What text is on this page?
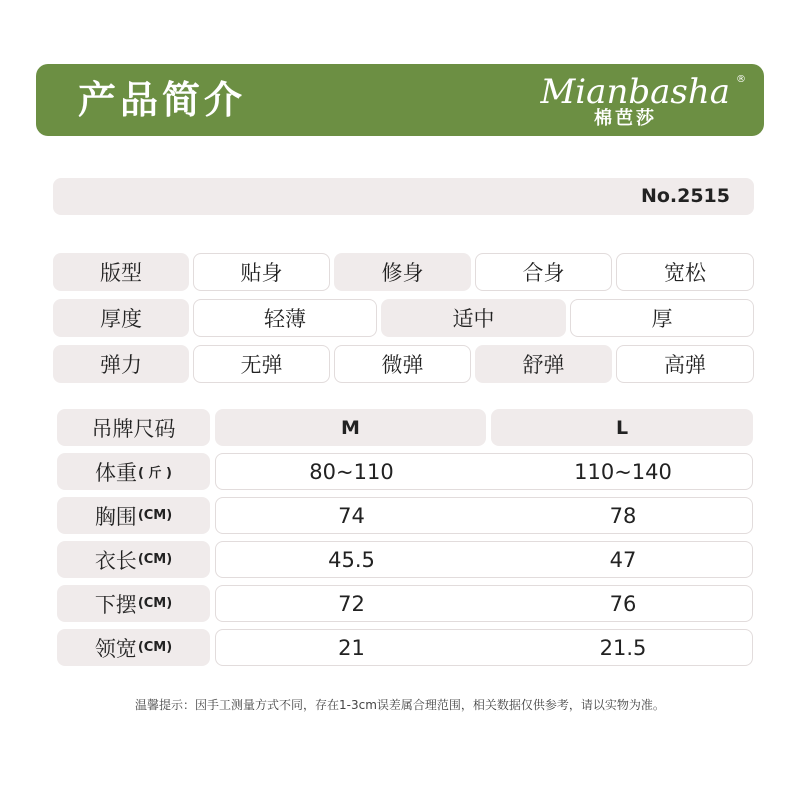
产品简介	Mianbasha ®
棉芭莎
No.2515
版型	贴身	修身	合身	宽松
厚度	轻薄	适中	厚
弹力	无弹	微弹	舒弹	高弹
吊牌尺码	M	L
体重 ( 斤 )	80~110	110~140
胸围 (CM)	74	78
衣长 (CM)	45.5	47
下摆 (CM)	72	76
领宽 (CM)	21	21.5
温馨提示：因手工测量方式不同，存在1-3cm误差属合理范围，相关数据仅供参考，请以实物为准。
